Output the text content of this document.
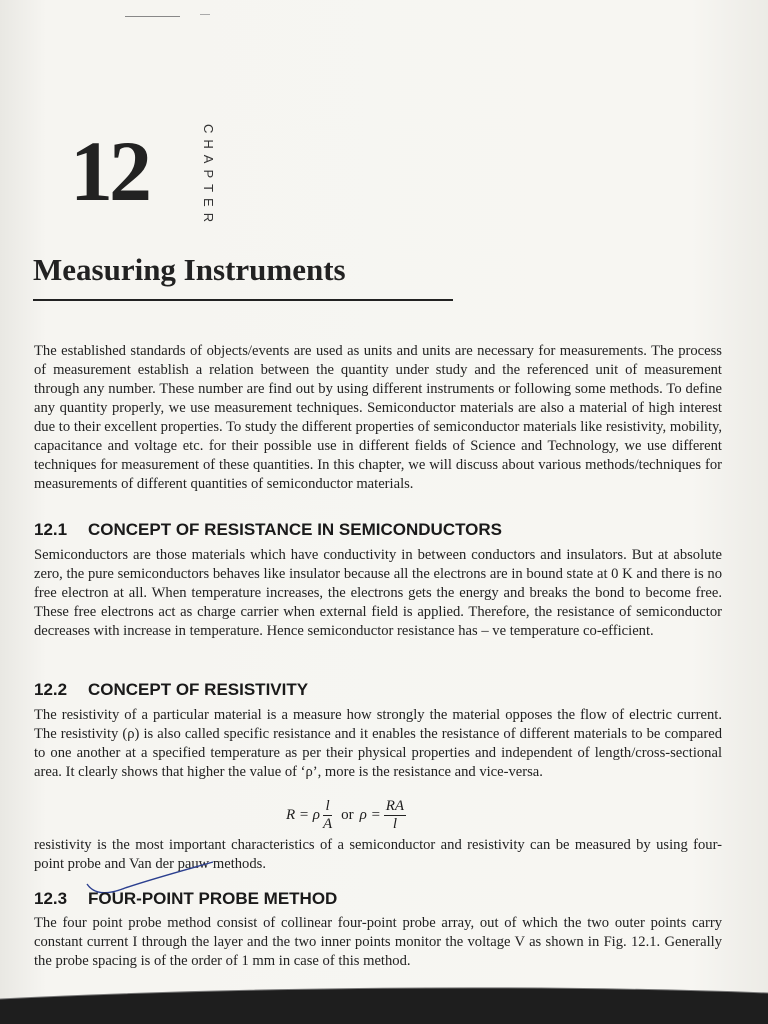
12	CHAPTER
Measuring Instruments
The established standards of objects/events are used as units and units are necessary for measurements. The process of measurement establish a relation between the quantity under study and the referenced unit of measurement through any number. These number are find out by using different instruments or following some methods. To define any quantity properly, we use measurement techniques. Semiconductor materials are also a material of high interest due to their excellent properties. To study the different properties of semiconductor materials like resistivity, mobility, capacitance and voltage etc. for their possible use in different fields of Science and Technology, we use different techniques for measurement of these quantities. In this chapter, we will discuss about various methods/techniques for measurements of different quantities of semiconductor materials.
12.1 CONCEPT OF RESISTANCE IN SEMICONDUCTORS
Semiconductors are those materials which have conductivity in between conductors and insulators. But at absolute zero, the pure semiconductors behaves like insulator because all the electrons are in bound state at 0 K and there is no free electron at all. When temperature increases, the electrons gets the energy and breaks the bond to become free. These free electrons act as charge carrier when external field is applied. Therefore, the resistance of semiconductor decreases with increase in temperature. Hence semiconductor resistance has – ve temperature co-efficient.
12.2 CONCEPT OF RESISTIVITY
The resistivity of a particular material is a measure how strongly the material opposes the flow of electric current. The resistivity (ρ) is also called specific resistance and it enables the resistance of different materials to be compared to one another at a specified temperature as per their physical properties and independent of length/cross-sectional area. It clearly shows that higher the value of ‘ρ’, more is the resistance and vice-versa.
R = ρ $\frac{l}{A}$ or $\rho = \frac{RA}{l}$
resistivity is the most important characteristics of a semiconductor and resistivity can be measured by using four-point probe and Van der pauw methods.
12.3 FOUR-POINT PROBE METHOD
The four point probe method consist of collinear four-point probe array, out of which the two outer points carry constant current I through the layer and the two inner points monitor the voltage V as shown in Fig. 12.1. Generally the probe spacing is of the order of 1 mm in case of this method.
